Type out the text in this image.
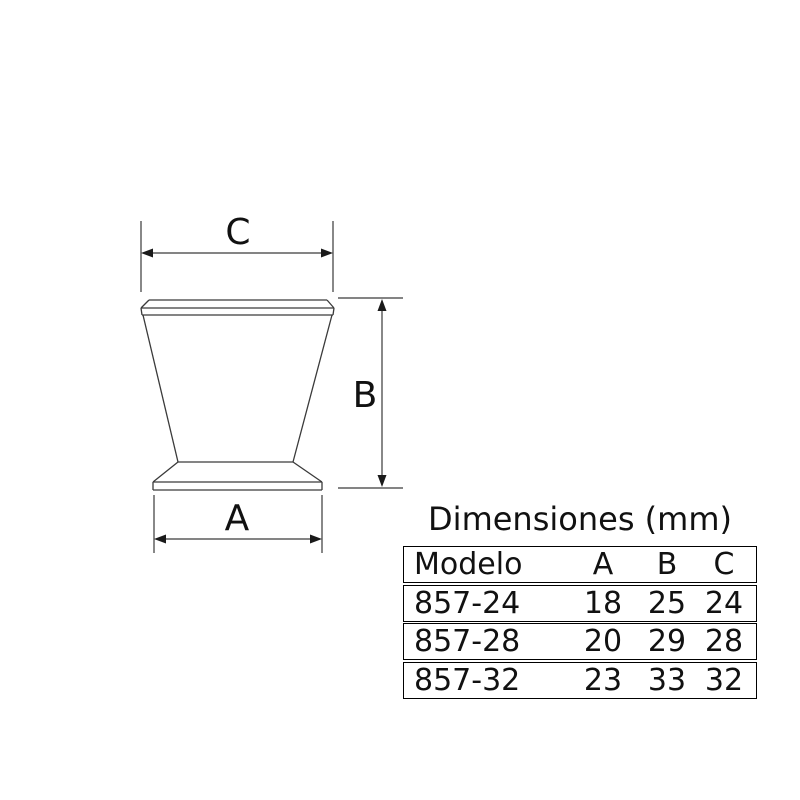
C
B
A	Dimensiones (mm)
Modelo	A	B	C
857-24	18 25 24
857-28	20 29 28
857-32	23 33 32
